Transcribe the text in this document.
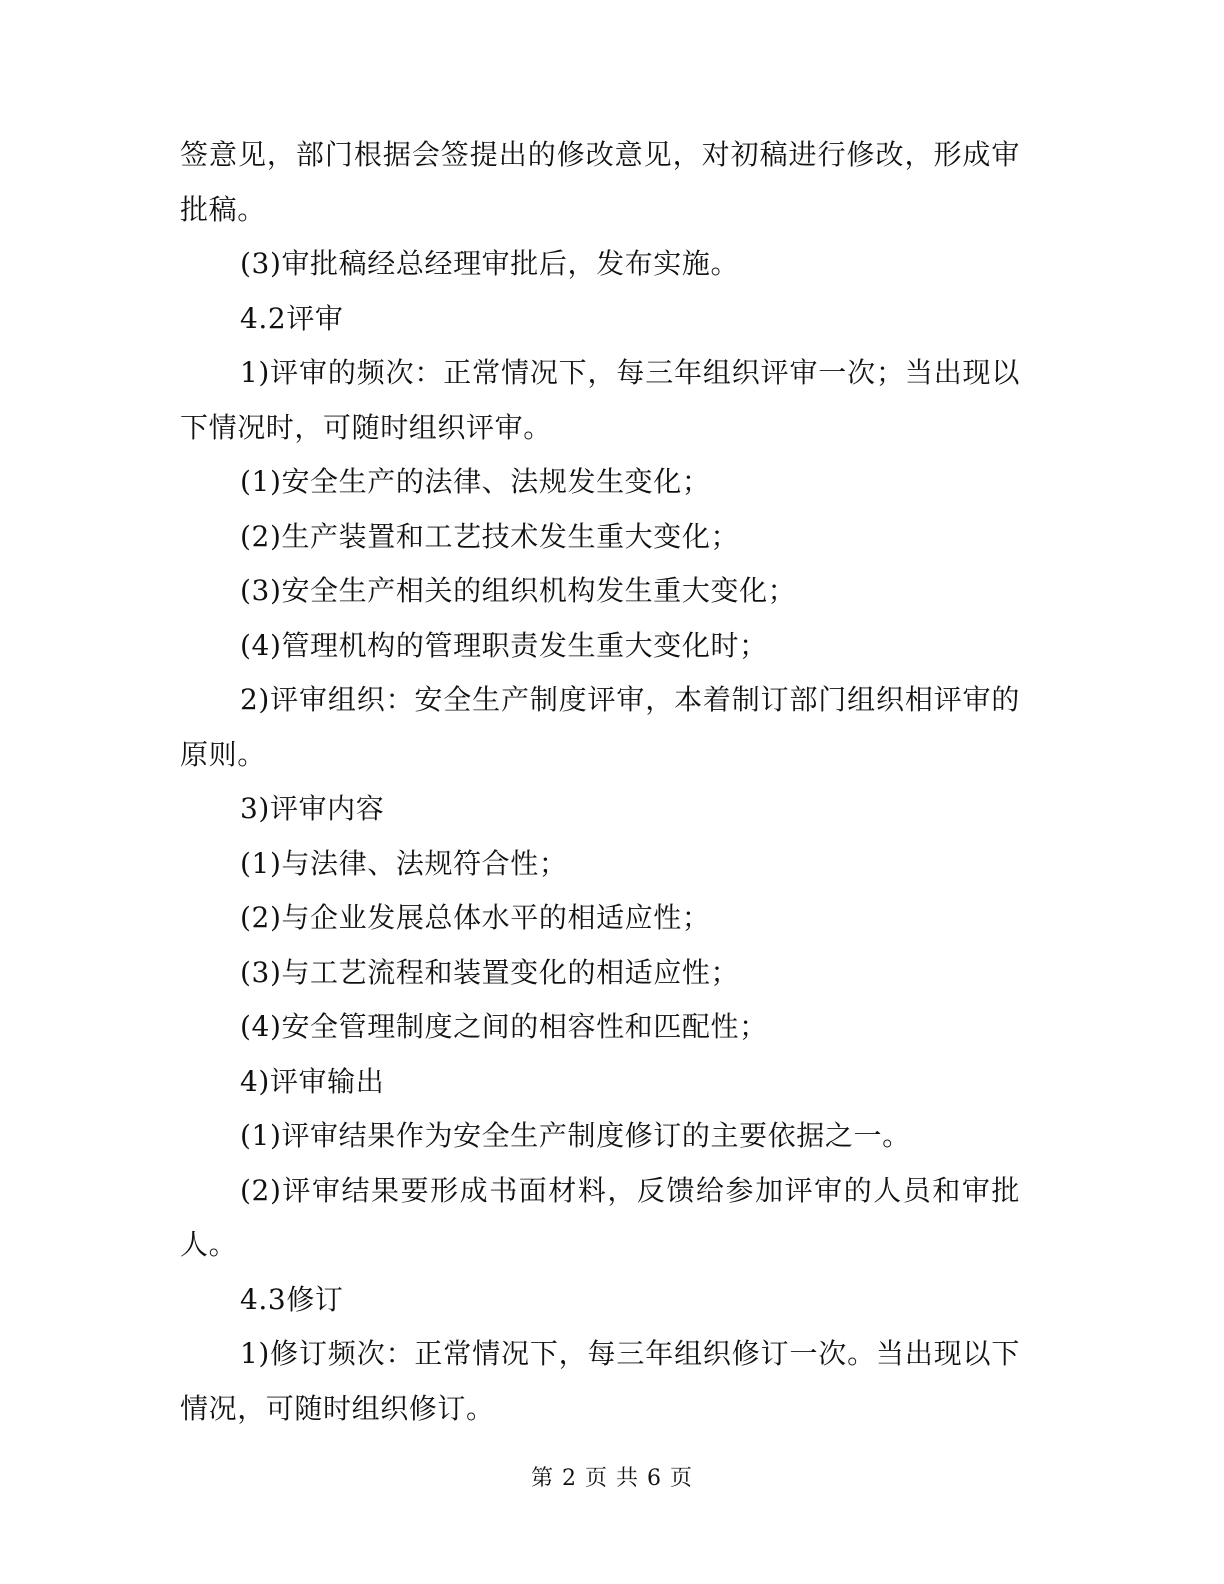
签意见，部门根据会签提出的修改意见，对初稿进行修改，形成审批稿。

(3)审批稿经总经理审批后，发布实施。

4.2评审

1)评审的频次：正常情况下，每三年组织评审一次；当出现以下情况时，可随时组织评审。

(1)安全生产的法律、法规发生变化；

(2)生产装置和工艺技术发生重大变化；

(3)安全生产相关的组织机构发生重大变化；

(4)管理机构的管理职责发生重大变化时；

2)评审组织：安全生产制度评审，本着制订部门组织相评审的原则。

3)评审内容

(1)与法律、法规符合性；

(2)与企业发展总体水平的相适应性；

(3)与工艺流程和装置变化的相适应性；

(4)安全管理制度之间的相容性和匹配性；

4)评审输出

(1)评审结果作为安全生产制度修订的主要依据之一。

(2)评审结果要形成书面材料，反馈给参加评审的人员和审批人。

4.3修订

1)修订频次：正常情况下，每三年组织修订一次。当出现以下情况，可随时组织修订。

第 2 页 共 6 页
